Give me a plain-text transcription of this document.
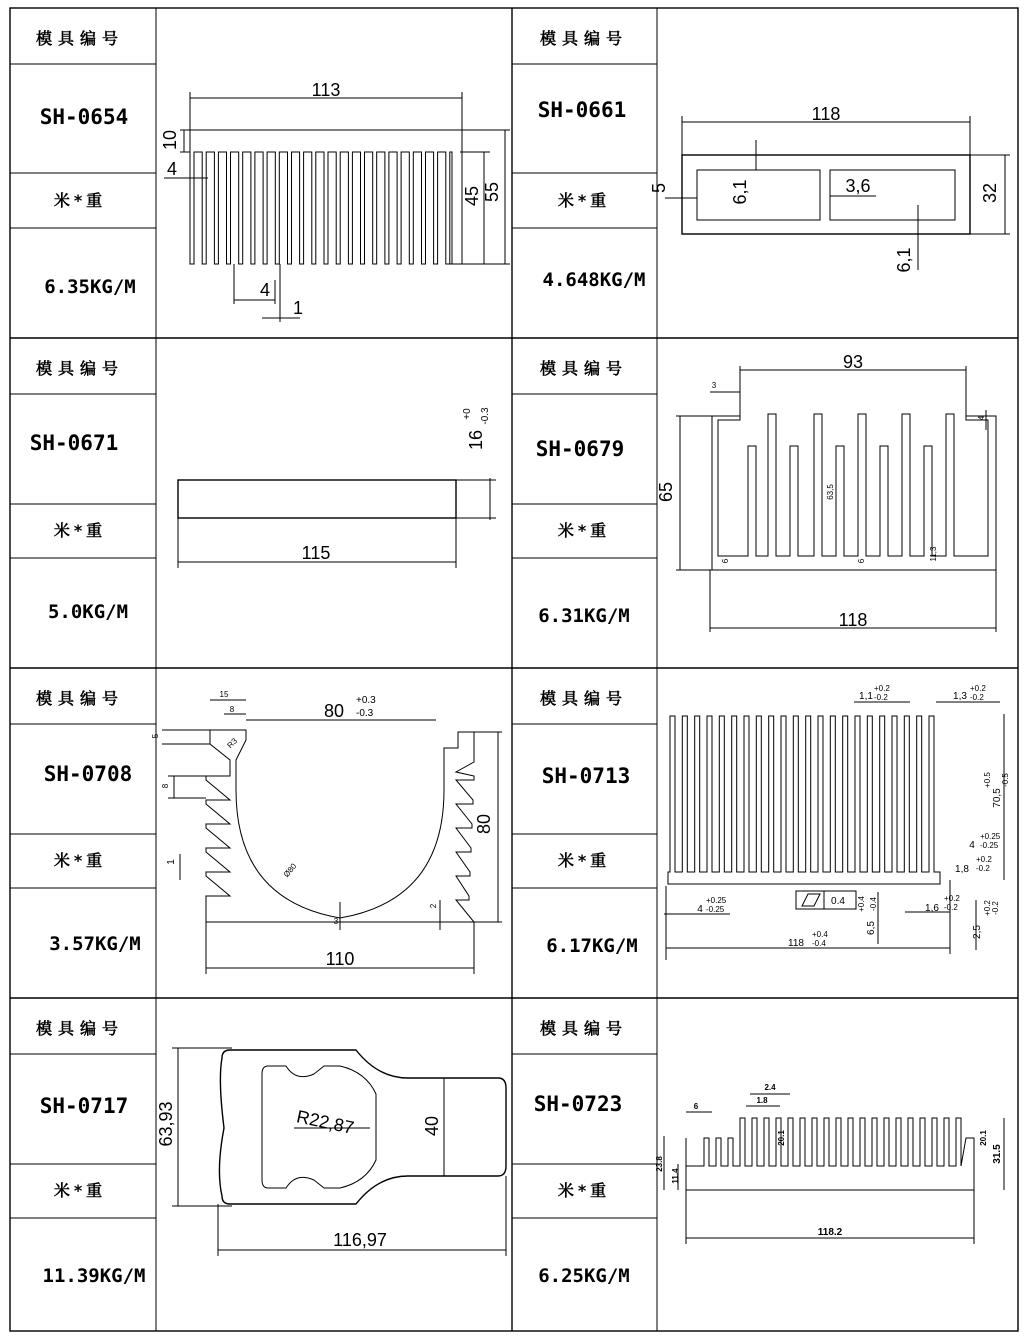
模具编号
SH-0654
米*重
6.35KG/M
模具编号
SH-0671
米*重
5.0KG/M
模具编号
SH-0708
米*重
3.57KG/M
模具编号
SH-0717
米*重
11.39KG/M
模具编号
SH-0661
米*重
4.648KG/M
模具编号
SH-0679
米*重
6.31KG/M
模具编号
SH-0713
米*重
6.17KG/M
模具编号
SH-0723
米*重
6.25KG/M
113
10
4
45 55
4
1
118
5	6,1	3,6
6,1
32
16
+0 -0.3
115
93
3
4
65	63,5
6	6	11,3
118
80
+0.3
-0.3
15
8
5
R3
8
1	Ø80
3
2
80
110
1,1
+0.2
-0.2	1,3
+0.2
-0.2
70,5
+0.5 -0.5
4
+0.25
-0.25
1,8
+0.2
-0.2
1,6
+0.2
-0.2
2,5
+0.2 -0.2
4
+0.25
-0.25
0.4
6,5
+0.4 -0.4
118
+0.4
-0.4
R22,87	40
63,93
116,97
2.4
1.8
6
20.1
23.8
11.4
20.1
31.5
118.2
